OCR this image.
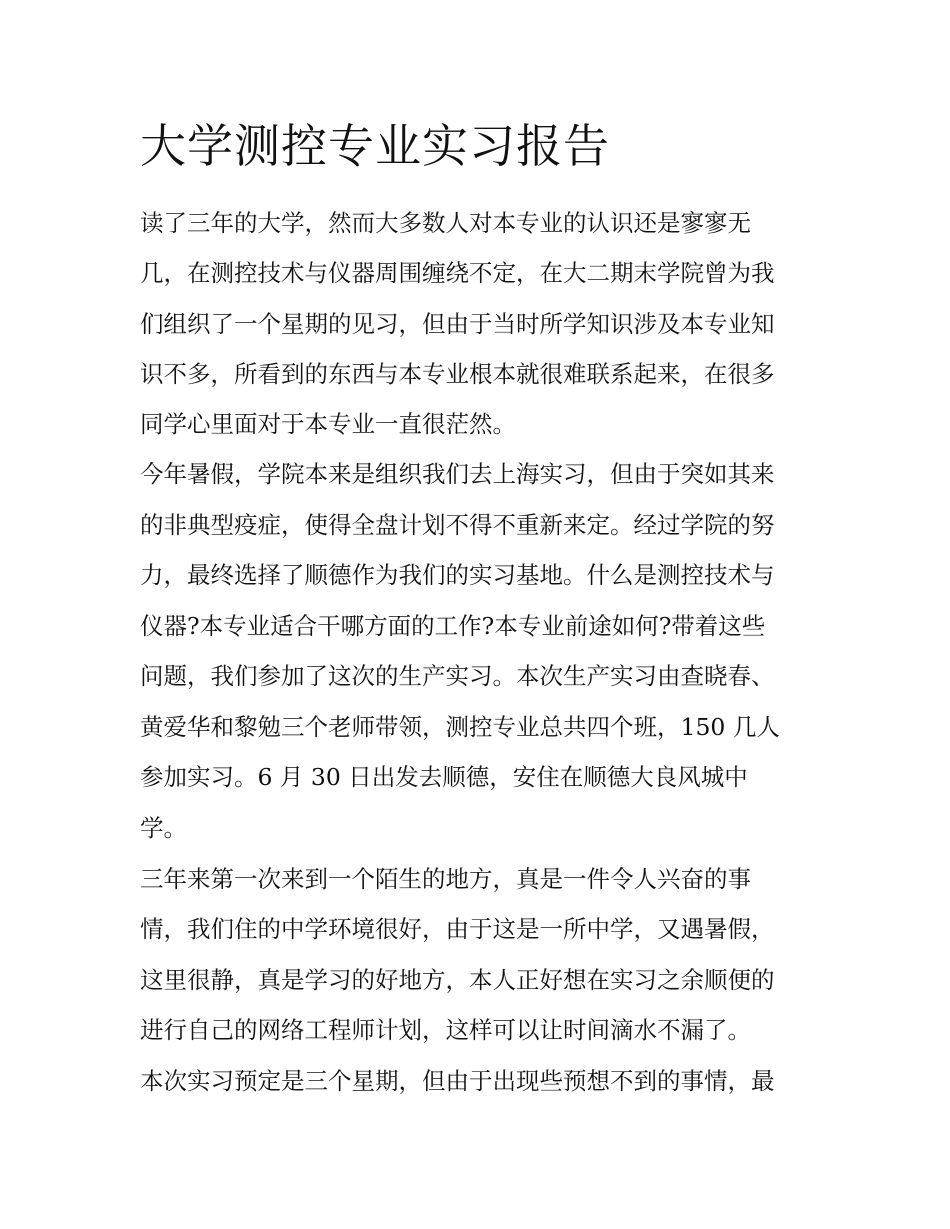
大学测控专业实习报告

读了三年的大学，然而大多数人对本专业的认识还是寥寥无

几，在测控技术与仪器周围缠绕不定，在大二期末学院曾为我

们组织了一个星期的见习，但由于当时所学知识涉及本专业知

识不多，所看到的东西与本专业根本就很难联系起来，在很多

同学心里面对于本专业一直很茫然。

今年暑假，学院本来是组织我们去上海实习，但由于突如其来

的非典型疫症，使得全盘计划不得不重新来定。经过学院的努

力，最终选择了顺德作为我们的实习基地。什么是测控技术与

仪器?本专业适合干哪方面的工作?本专业前途如何?带着这些

问题，我们参加了这次的生产实习。本次生产实习由查晓春、

黄爱华和黎勉三个老师带领，测控专业总共四个班，150 几人

参加实习。6 月 30 日出发去顺德，安住在顺德大良风城中

学。

三年来第一次来到一个陌生的地方，真是一件令人兴奋的事

情，我们住的中学环境很好，由于这是一所中学，又遇暑假，

这里很静，真是学习的好地方，本人正好想在实习之余顺便的

进行自己的网络工程师计划，这样可以让时间滴水不漏了。

本次实习预定是三个星期，但由于出现些预想不到的事情，最
